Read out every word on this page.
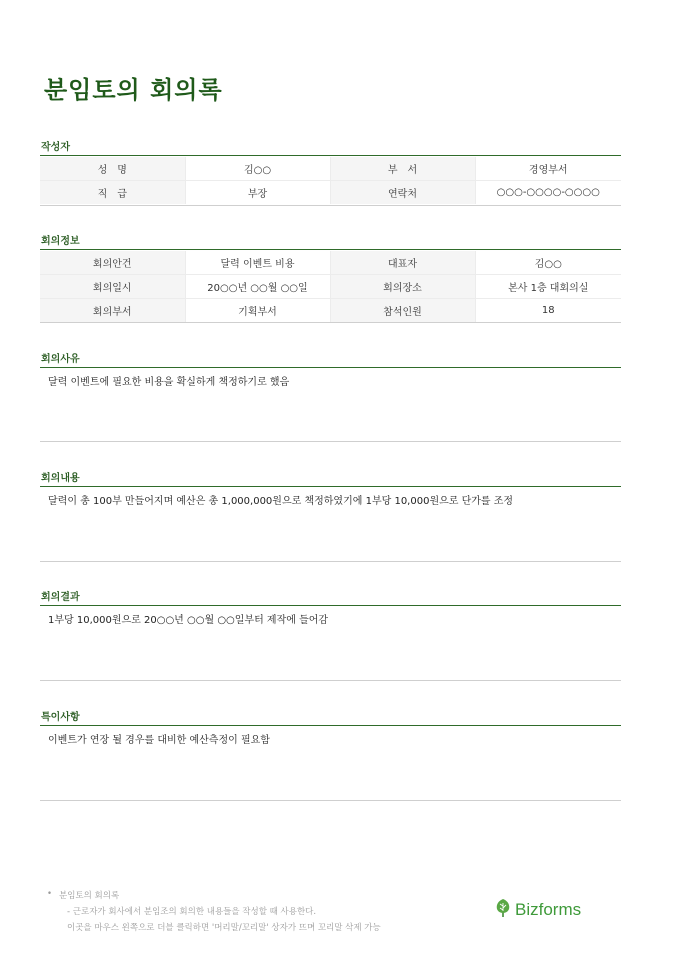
분임토의 회의록
작성자
성　명	김○○	부　서	경영부서
직　급	부장	연락처	○○○-○○○○-○○○○
회의정보
회의안건	달력 이벤트 비용	대표자	김○○
회의일시	20○○년 ○○월 ○○일	회의장소	본사 1층 대회의실
회의부서	기획부서	참석인원	18
회의사유
달력 이벤트에 필요한 비용을 확실하게 책정하기로 했음
회의내용
달력이 총 100부 만들어지며 예산은 총 1,000,000원으로 책정하였기에 1부당 10,000원으로 단가를 조정
회의결과
1부당 10,000원으로 20○○년 ○○월 ○○일부터 제작에 들어감
특이사항
이벤트가 연장 될 경우를 대비한 예산측정이 필요함
• 분임토의 회의록
- 근로자가 회사에서 분임조의 회의한 내용들을 작성할 때 사용한다.
이곳을 마우스 왼쪽으로 더블 클릭하면 '머리말/꼬리말' 상자가 뜨며 꼬리말 삭제 가능
Bizforms
